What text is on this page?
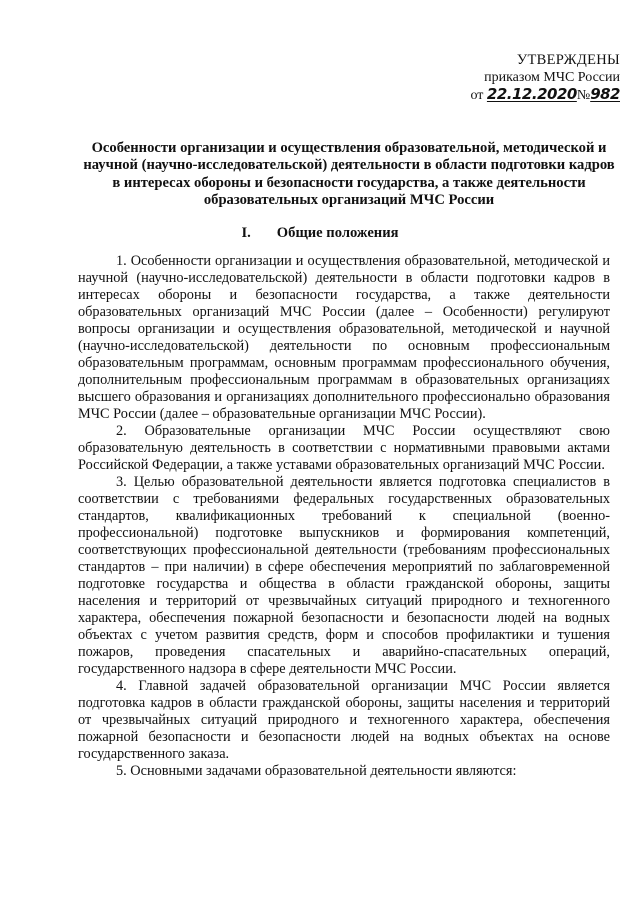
УТВЕРЖДЕНЫ
приказом МЧС России
от 22.12.2020№982
Особенности организации и осуществления образовательной, методической и научной (научно-исследовательской) деятельности в области подготовки кадров в интересах обороны и безопасности государства, а также деятельности образовательных организаций МЧС России
I. Общие положения

1. Особенности организации и осуществления образовательной, методической и научной (научно-исследовательской) деятельности в области подготовки кадров в интересах обороны и безопасности государства, а также деятельности образовательных организаций МЧС России (далее – Особенности) регулируют вопросы организации и осуществления образовательной, методической и научной (научно-исследовательской) деятельности по основным профессиональным образовательным программам, основным программам профессионального обучения, дополнительным профессиональным программам в образовательных организациях высшего образования и организациях дополнительного профессионально образования МЧС России (далее – образовательные организации МЧС России).

2. Образовательные организации МЧС России осуществляют свою образовательную деятельность в соответствии с нормативными правовыми актами Российской Федерации, а также уставами образовательных организаций МЧС России.

3. Целью образовательной деятельности является подготовка специалистов в соответствии с требованиями федеральных государственных образовательных стандартов, квалификационных требований к специальной (военно-профессиональной) подготовке выпускников и формирования компетенций, соответствующих профессиональной деятельности (требованиям профессиональных стандартов – при наличии) в сфере обеспечения мероприятий по заблаговременной подготовке государства и общества в области гражданской обороны, защиты населения и территорий от чрезвычайных ситуаций природного и техногенного характера, обеспечения пожарной безопасности и безопасности людей на водных объектах с учетом развития средств, форм и способов профилактики и тушения пожаров, проведения спасательных и аварийно-спасательных операций, государственного надзора в сфере деятельности МЧС России.

4. Главной задачей образовательной организации МЧС России является подготовка кадров в области гражданской обороны, защиты населения и территорий от чрезвычайных ситуаций природного и техногенного характера, обеспечения пожарной безопасности и безопасности людей на водных объектах на основе государственного заказа.

5. Основными задачами образовательной деятельности являются:
